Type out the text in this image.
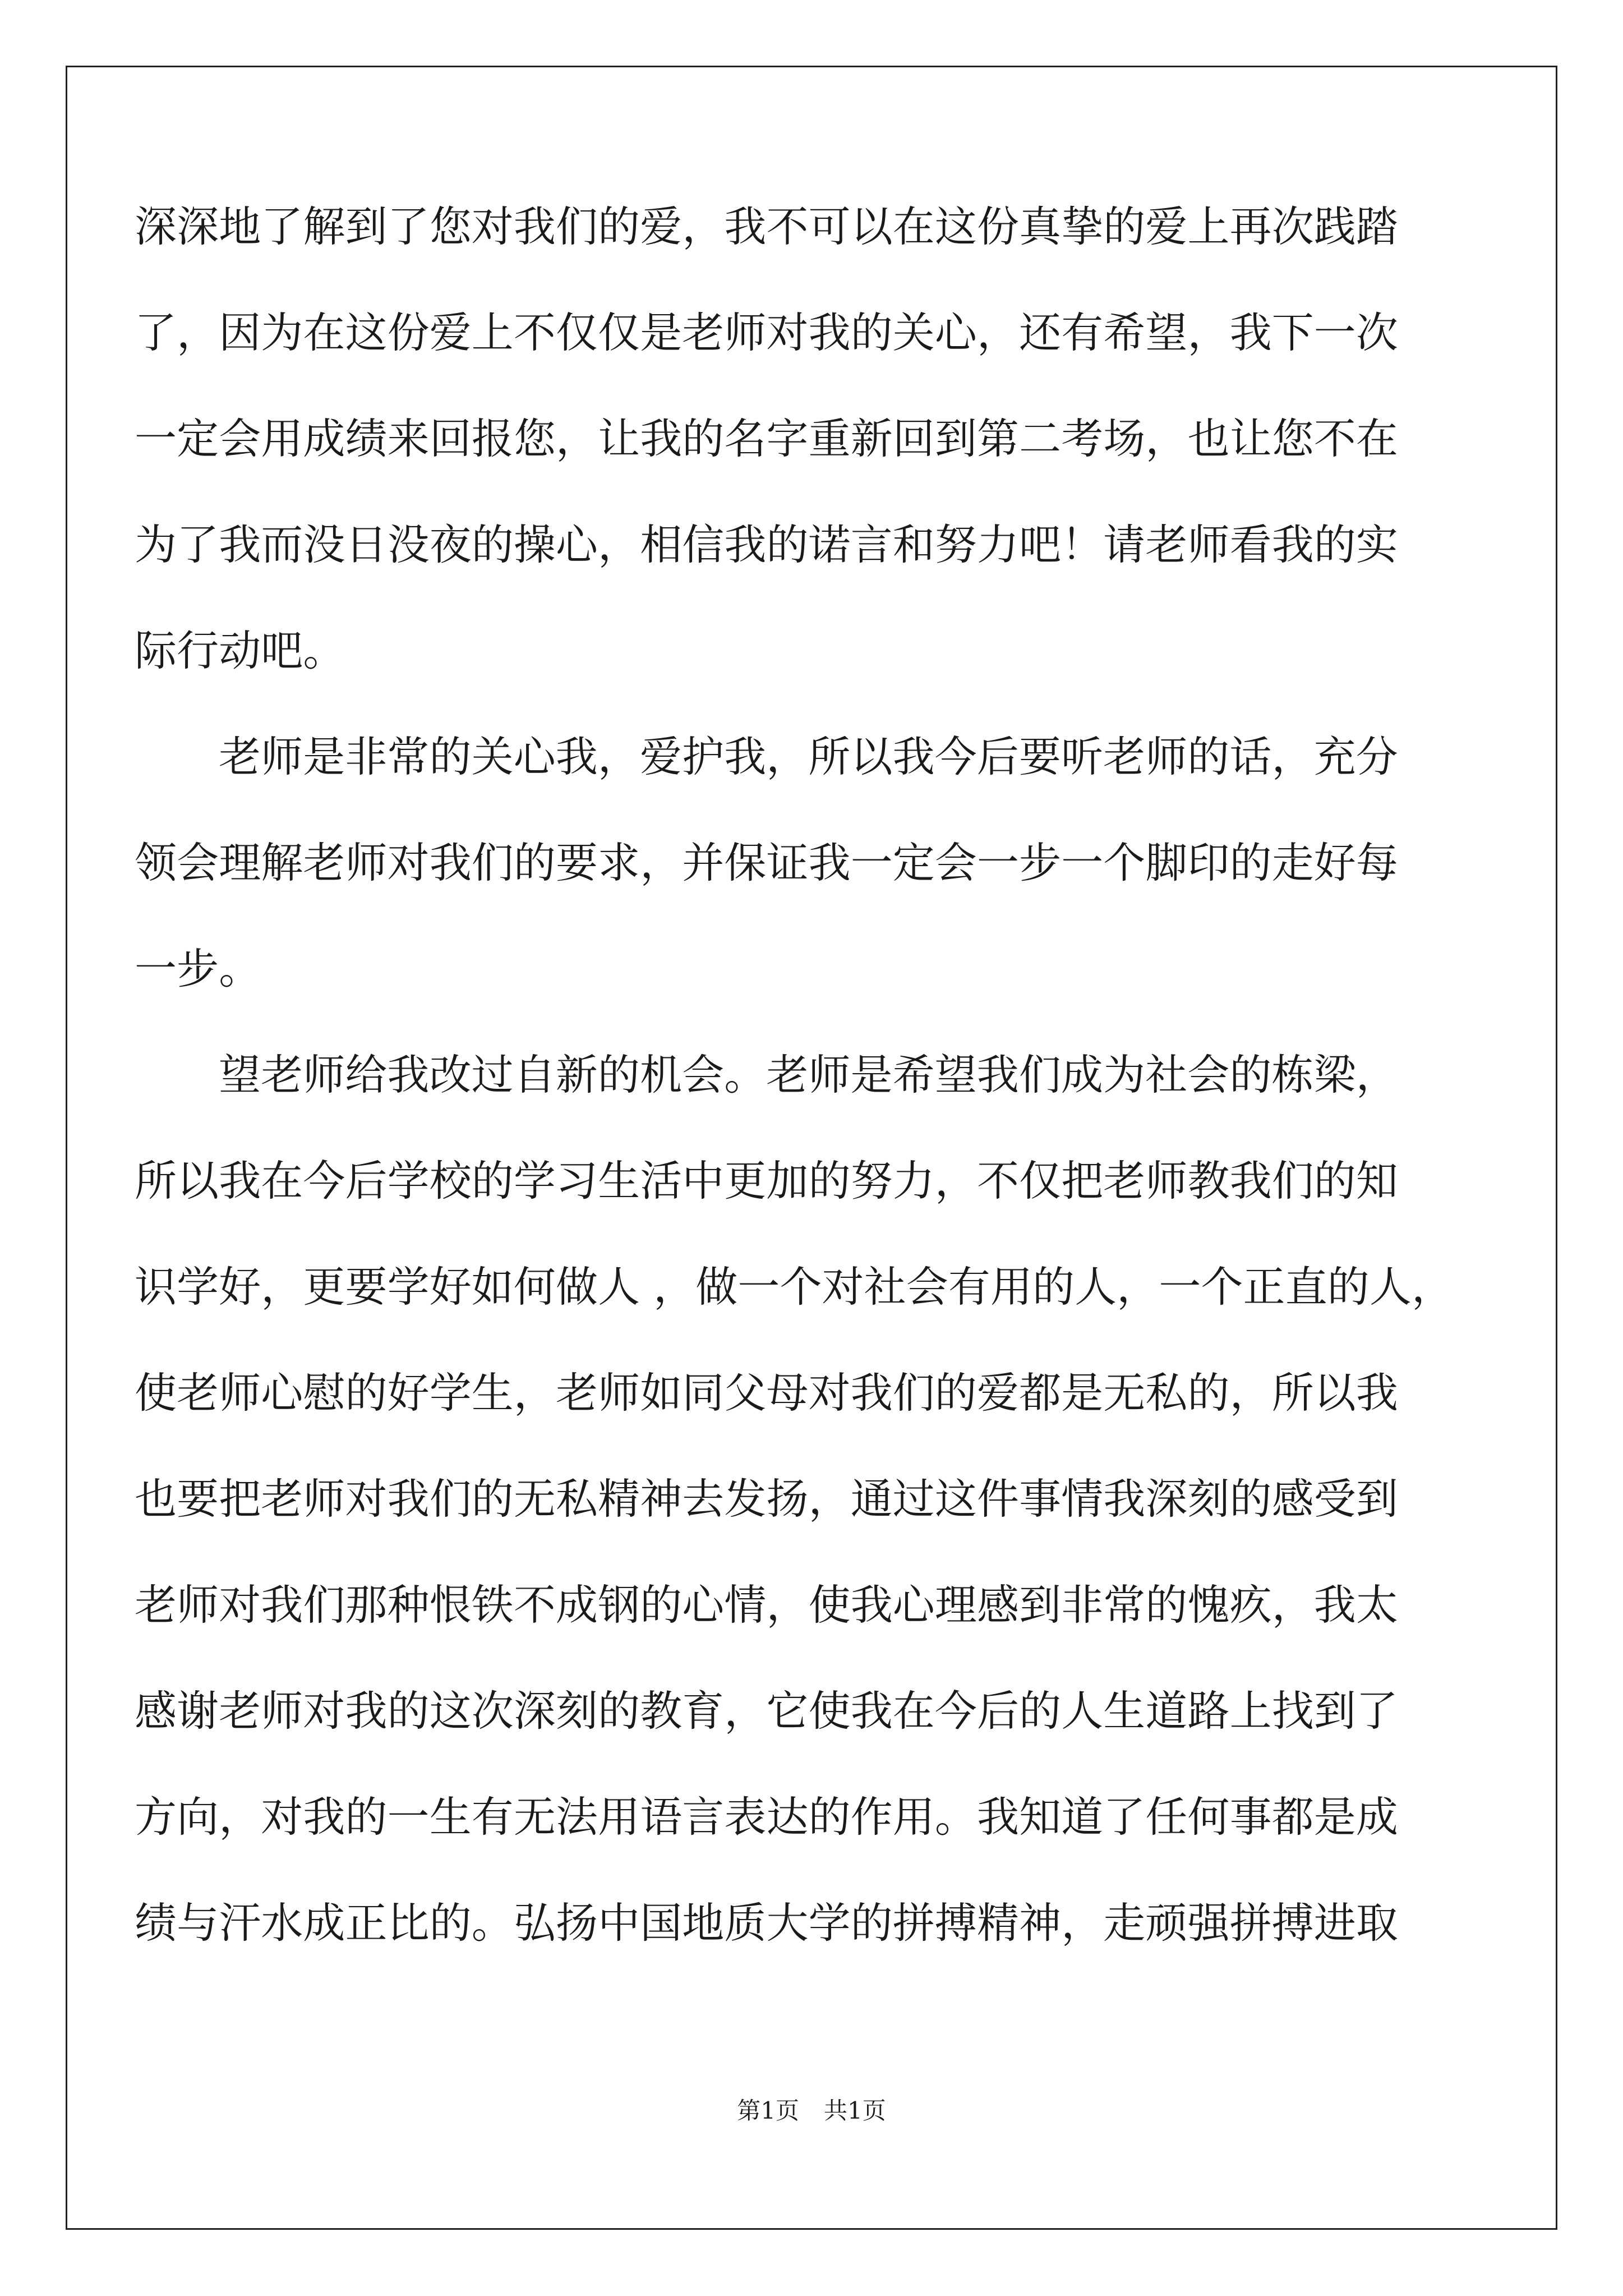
深深地了解到了您对我们的爱，我不可以在这份真挚的爱上再次践踏
了，因为在这份爱上不仅仅是老师对我的关心，还有希望，我下一次
一定会用成绩来回报您，让我的名字重新回到第二考场，也让您不在
为了我而没日没夜的操心，相信我的诺言和努力吧！请老师看我的实
际行动吧。
老师是非常的关心我，爱护我，所以我今后要听老师的话，充分
领会理解老师对我们的要求，并保证我一定会一步一个脚印的走好每
一步。
望老师给我改过自新的机会。老师是希望我们成为社会的栋梁，
所以我在今后学校的学习生活中更加的努力，不仅把老师教我们的知
识学好，更要学好如何做人 ，做一个对社会有用的人，一个正直的人，
使老师心慰的好学生，老师如同父母对我们的爱都是无私的，所以我
也要把老师对我们的无私精神去发扬，通过这件事情我深刻的感受到
老师对我们那种恨铁不成钢的心情，使我心理感到非常的愧疚，我太
感谢老师对我的这次深刻的教育，它使我在今后的人生道路上找到了
方向，对我的一生有无法用语言表达的作用。我知道了任何事都是成
绩与汗水成正比的。弘扬中国地质大学的拼搏精神，走顽强拼搏进取
第1页 共1页
